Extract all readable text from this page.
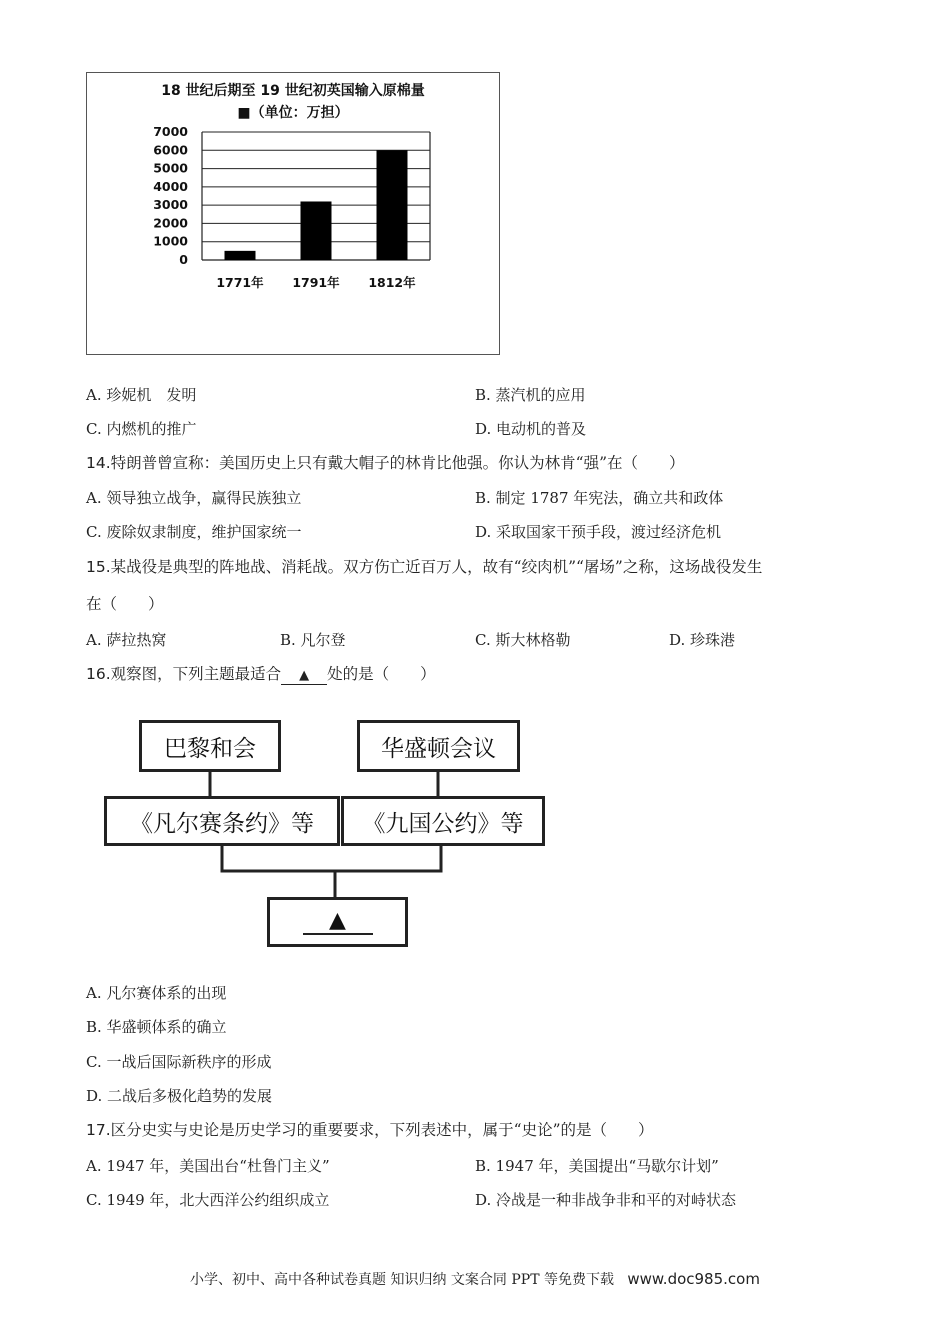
18 世纪后期至 19 世纪初英国输入原棉量
■（单位：万担）
0
1000
2000
3000
4000
5000
6000
7000
1771年 1791年 1812年
A. 珍妮机　发明	B. 蒸汽机的应用
C. 内燃机的推广	D. 电动机的普及
14.特朗普曾宣称：美国历史上只有戴大帽子的林肯比他强。你认为林肯“强”在（　　）
A. 领导独立战争，赢得民族独立	B. 制定 1787 年宪法，确立共和政体
C. 废除奴隶制度，维护国家统一	D. 采取国家干预手段，渡过经济危机
15.某战役是典型的阵地战、消耗战。双方伤亡近百万人，故有“绞肉机”“屠场”之称，这场战役发生
在（　　）
A. 萨拉热窝	B. 凡尔登	C. 斯大林格勒	D. 珍珠港
16.观察图，下列主题最适合 ▲ 处的是（　　）
巴黎和会	华盛顿会议
《凡尔赛条约》等	《九国公约》等
▲
A. 凡尔赛体系的出现
B. 华盛顿体系的确立
C. 一战后国际新秩序的形成
D. 二战后多极化趋势的发展
17.区分史实与史论是历史学习的重要要求，下列表述中，属于“史论”的是（　　）
A. 1947 年，美国出台“杜鲁门主义”	B. 1947 年，美国提出“马歇尔计划”
C. 1949 年，北大西洋公约组织成立	D. 冷战是一种非战争非和平的对峙状态
小学、初中、高中各种试卷真题 知识归纳 文案合同 PPT 等免费下载 www.doc985.com
